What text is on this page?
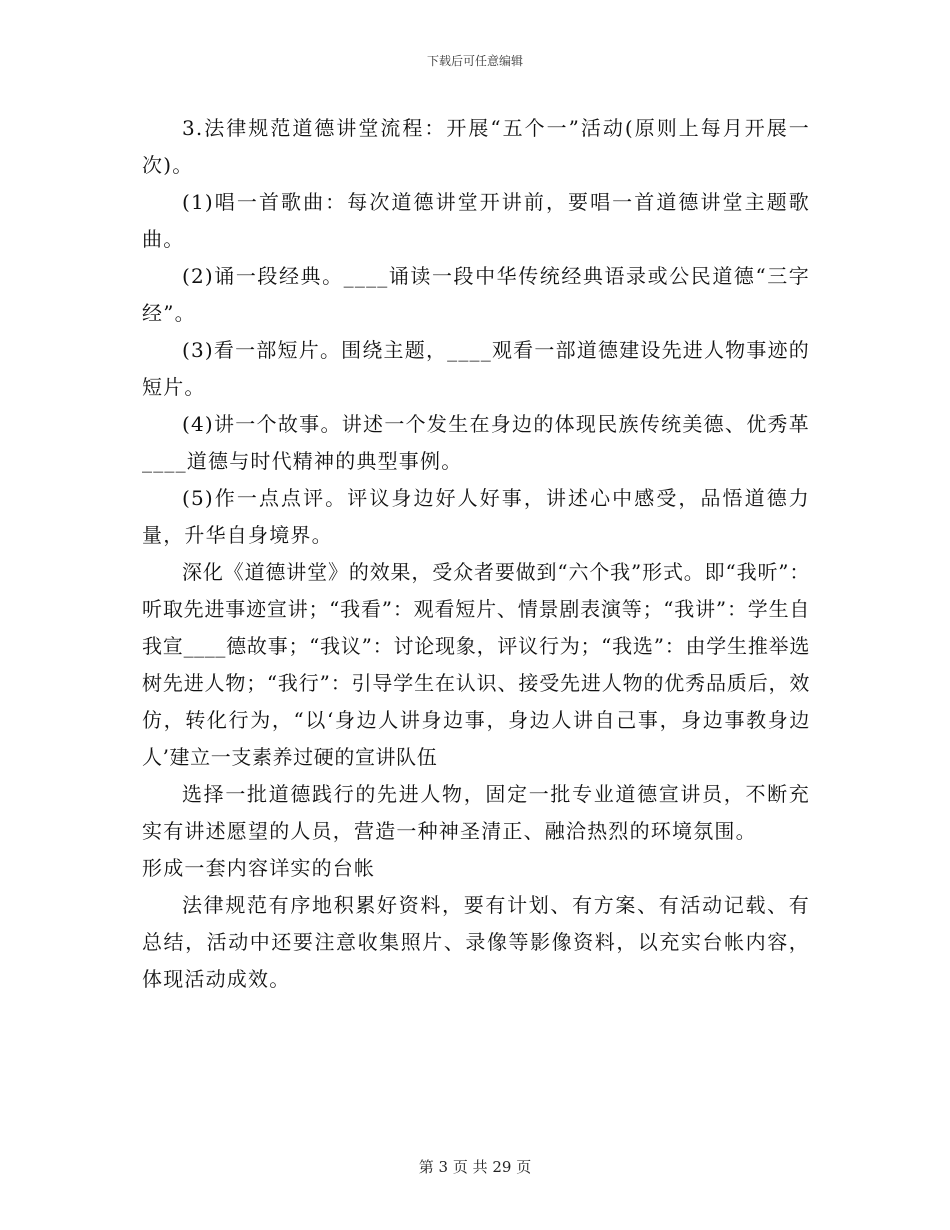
下载后可任意编辑

3.法律规范道德讲堂流程：开展“五个一”活动(原则上每月开展一次)。

(1)唱一首歌曲：每次道德讲堂开讲前，要唱一首道德讲堂主题歌曲。

(2)诵一段经典。____诵读一段中华传统经典语录或公民道德“三字经”。

(3)看一部短片。围绕主题，____观看一部道德建设先进人物事迹的短片。

(4)讲一个故事。讲述一个发生在身边的体现民族传统美德、优秀革____道德与时代精神的典型事例。

(5)作一点点评。评议身边好人好事，讲述心中感受，品悟道德力量，升华自身境界。

深化《道德讲堂》的效果，受众者要做到“六个我”形式。即“我听”：听取先进事迹宣讲；“我看”：观看短片、情景剧表演等；“我讲”：学生自我宣____德故事；“我议”：讨论现象，评议行为；“我选”：由学生推举选树先进人物；“我行”：引导学生在认识、接受先进人物的优秀品质后，效仿，转化行为，“以‘身边人讲身边事，身边人讲自己事，身边事教身边人’建立一支素养过硬的宣讲队伍

选择一批道德践行的先进人物，固定一批专业道德宣讲员，不断充实有讲述愿望的人员，营造一种神圣清正、融洽热烈的环境氛围。

形成一套内容详实的台帐

法律规范有序地积累好资料，要有计划、有方案、有活动记载、有总结，活动中还要注意收集照片、录像等影像资料，以充实台帐内容，体现活动成效。

第 3 页 共 29 页
